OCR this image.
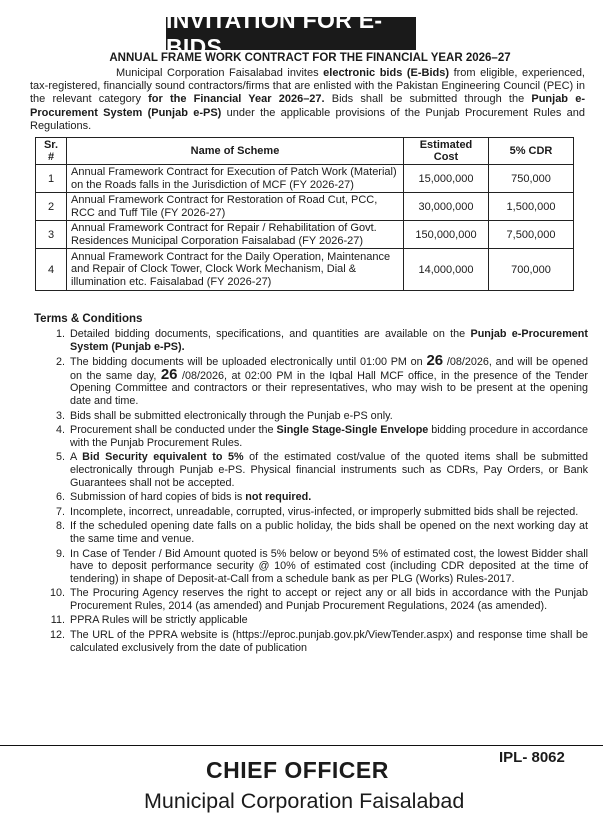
INVITATION FOR E-BIDS
ANNUAL FRAME WORK CONTRACT FOR THE FINANCIAL YEAR 2026–27
Municipal Corporation Faisalabad invites electronic bids (E-Bids) from eligible, experienced, tax-registered, financially sound contractors/firms that are enlisted with the Pakistan Engineering Council (PEC) in the relevant category for the Financial Year 2026–27. Bids shall be submitted through the Punjab e-Procurement System (Punjab e-PS) under the applicable provisions of the Punjab Procurement Rules and Regulations.
Sr. #	Name of Scheme	Estimated Cost	5% CDR
1	Annual Framework Contract for Execution of Patch Work (Material) on the Roads falls in the Jurisdiction of MCF (FY 2026-27)	15,000,000	750,000
2	Annual Framework Contract for Restoration of Road Cut, PCC, RCC and Tuff Tile (FY 2026-27)	30,000,000	1,500,000
3	Annual Framework Contract for Repair / Rehabilitation of Govt. Residences Municipal Corporation Faisalabad (FY 2026-27)	150,000,000	7,500,000
4	Annual Framework Contract for the Daily Operation, Maintenance and Repair of Clock Tower, Clock Work Mechanism, Dial & illumination etc. Faisalabad (FY 2026-27)	14,000,000	700,000
Terms & Conditions
1. Detailed bidding documents, specifications, and quantities are available on the Punjab e-Procurement System (Punjab e-PS).
2. The bidding documents will be uploaded electronically until 01:00 PM on 26 /08/2026, and will be opened on the same day, 26 /08/2026, at 02:00 PM in the Iqbal Hall MCF office, in the presence of the Tender Opening Committee and contractors or their representatives, who may wish to be present at the opening date and time.
3. Bids shall be submitted electronically through the Punjab e-PS only.
4. Procurement shall be conducted under the Single Stage-Single Envelope bidding procedure in accordance with the Punjab Procurement Rules.
5. A Bid Security equivalent to 5% of the estimated cost/value of the quoted items shall be submitted electronically through Punjab e-PS. Physical financial instruments such as CDRs, Pay Orders, or Bank Guarantees shall not be accepted.
6. Submission of hard copies of bids is not required.
7. Incomplete, incorrect, unreadable, corrupted, virus-infected, or improperly submitted bids shall be rejected.
8. If the scheduled opening date falls on a public holiday, the bids shall be opened on the next working day at the same time and venue.
9. In Case of Tender / Bid Amount quoted is 5% below or beyond 5% of estimated cost, the lowest Bidder shall have to deposit performance security @ 10% of estimated cost (including CDR deposited at the time of tendering) in shape of Deposit-at-Call from a schedule bank as per PLG (Works) Rules-2017.
10. The Procuring Agency reserves the right to accept or reject any or all bids in accordance with the Punjab Procurement Rules, 2014 (as amended) and Punjab Procurement Regulations, 2024 (as amended).
11. PPRA Rules will be strictly applicable
12. The URL of the PPRA website is (https://eproc.punjab.gov.pk/ViewTender.aspx) and response time shall be calculated exclusively from the date of publication
IPL- 8062
CHIEF OFFICER
Municipal Corporation Faisalabad
